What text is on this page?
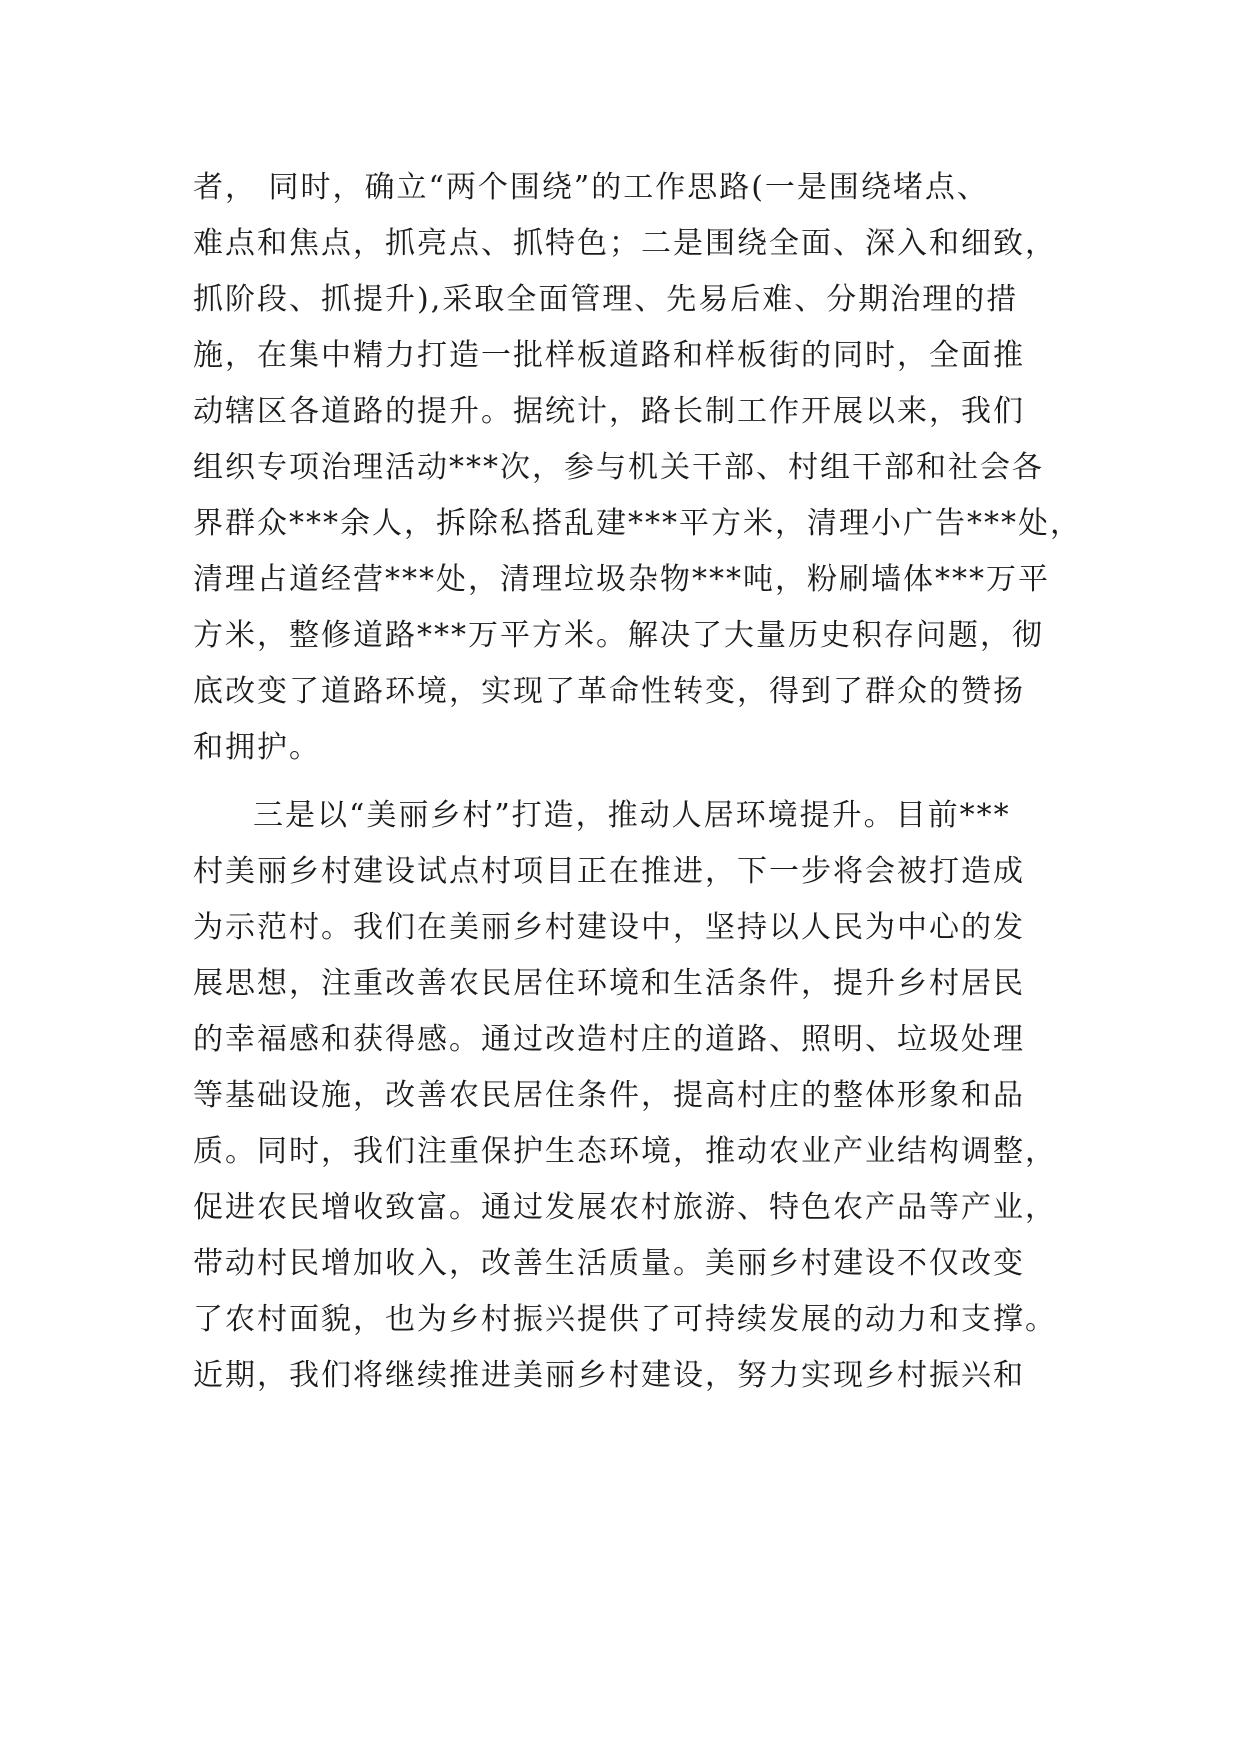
者， 同时，确立“两个围绕”的工作思路(一是围绕堵点、
难点和焦点，抓亮点、抓特色；二是围绕全面、深入和细致，
抓阶段、抓提升),采取全面管理、先易后难、分期治理的措
施，在集中精力打造一批样板道路和样板街的同时，全面推
动辖区各道路的提升。据统计，路长制工作开展以来，我们
组织专项治理活动***次，参与机关干部、村组干部和社会各
界群众***余人，拆除私搭乱建***平方米，清理小广告***处，
清理占道经营***处，清理垃圾杂物***吨，粉刷墙体***万平
方米，整修道路***万平方米。解决了大量历史积存问题，彻
底改变了道路环境，实现了革命性转变，得到了群众的赞扬
和拥护。
三是以“美丽乡村”打造，推动人居环境提升。目前***
村美丽乡村建设试点村项目正在推进，下一步将会被打造成
为示范村。我们在美丽乡村建设中，坚持以人民为中心的发
展思想，注重改善农民居住环境和生活条件，提升乡村居民
的幸福感和获得感。通过改造村庄的道路、照明、垃圾处理
等基础设施，改善农民居住条件，提高村庄的整体形象和品
质。同时，我们注重保护生态环境，推动农业产业结构调整，
促进农民增收致富。通过发展农村旅游、特色农产品等产业，
带动村民增加收入，改善生活质量。美丽乡村建设不仅改变
了农村面貌，也为乡村振兴提供了可持续发展的动力和支撑。
近期，我们将继续推进美丽乡村建设，努力实现乡村振兴和
